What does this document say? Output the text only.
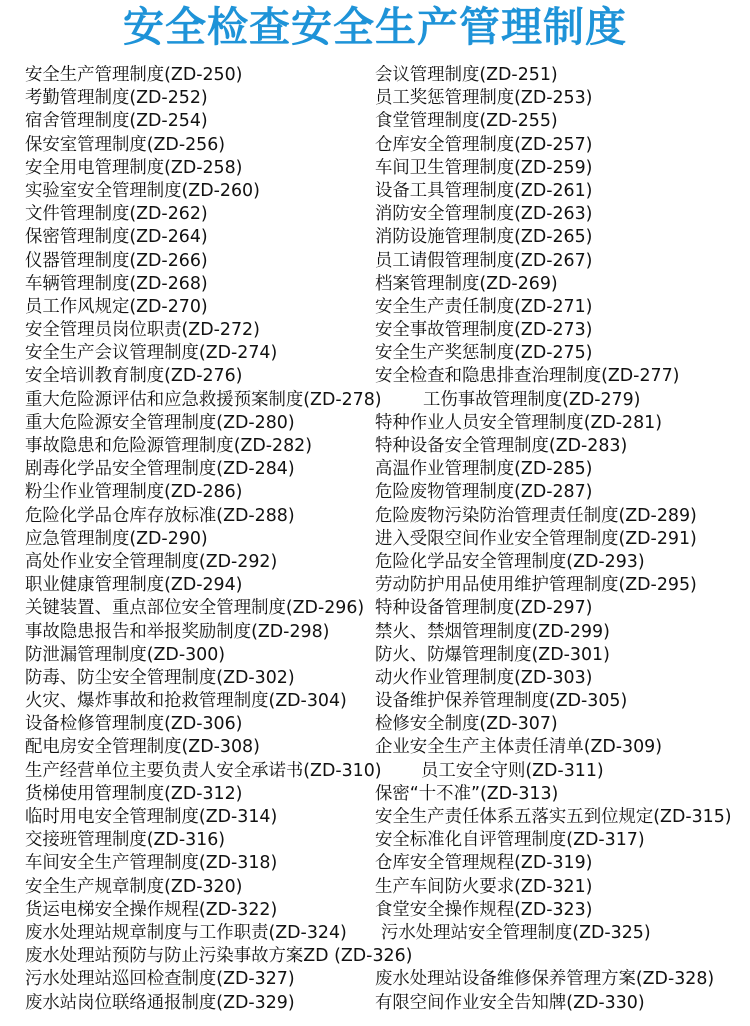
安全检查安全生产管理制度
安全生产管理制度(ZD-250)	会议管理制度(ZD-251)
考勤管理制度(ZD-252)	员工奖惩管理制度(ZD-253)
宿舍管理制度(ZD-254)	食堂管理制度(ZD-255)
保安室管理制度(ZD-256)	仓库安全管理制度(ZD-257)
安全用电管理制度(ZD-258)	车间卫生管理制度(ZD-259)
实验室安全管理制度(ZD-260)	设备工具管理制度(ZD-261)
文件管理制度(ZD-262)	消防安全管理制度(ZD-263)
保密管理制度(ZD-264)	消防设施管理制度(ZD-265)
仪器管理制度(ZD-266)	员工请假管理制度(ZD-267)
车辆管理制度(ZD-268)	档案管理制度(ZD-269)
员工作风规定(ZD-270)	安全生产责任制度(ZD-271)
安全管理员岗位职责(ZD-272)	安全事故管理制度(ZD-273)
安全生产会议管理制度(ZD-274)	安全生产奖惩制度(ZD-275)
安全培训教育制度(ZD-276)	安全检查和隐患排查治理制度(ZD-277)
重大危险源评估和应急救援预案制度(ZD-278) 工伤事故管理制度(ZD-279)
重大危险源安全管理制度(ZD-280)	特种作业人员安全管理制度(ZD-281)
事故隐患和危险源管理制度(ZD-282)	特种设备安全管理制度(ZD-283)
剧毒化学品安全管理制度(ZD-284)	高温作业管理制度(ZD-285)
粉尘作业管理制度(ZD-286)	危险废物管理制度(ZD-287)
危险化学品仓库存放标准(ZD-288)	危险废物污染防治管理责任制度(ZD-289)
应急管理制度(ZD-290)	进入受限空间作业安全管理制度(ZD-291)
高处作业安全管理制度(ZD-292)	危险化学品安全管理制度(ZD-293)
职业健康管理制度(ZD-294)	劳动防护用品使用维护管理制度(ZD-295)
关键装置、重点部位安全管理制度(ZD-296) 特种设备管理制度(ZD-297)
事故隐患报告和举报奖励制度(ZD-298)	禁火、禁烟管理制度(ZD-299)
防泄漏管理制度(ZD-300)	防火、防爆管理制度(ZD-301)
防毒、防尘安全管理制度(ZD-302)	动火作业管理制度(ZD-303)
火灾、爆炸事故和抢救管理制度(ZD-304) 设备维护保养管理制度(ZD-305)
设备检修管理制度(ZD-306)	检修安全制度(ZD-307)
配电房安全管理制度(ZD-308)	企业安全生产主体责任清单(ZD-309)
生产经营单位主要负责人安全承诺书(ZD-310) 员工安全守则(ZD-311)
货梯使用管理制度(ZD-312)	保密“十不准”(ZD-313)
临时用电安全管理制度(ZD-314)	安全生产责任体系五落实五到位规定(ZD-315)
交接班管理制度(ZD-316)	安全标准化自评管理制度(ZD-317)
车间安全生产管理制度(ZD-318)	仓库安全管理规程(ZD-319)
安全生产规章制度(ZD-320)	生产车间防火要求(ZD-321)
货运电梯安全操作规程(ZD-322)	食堂安全操作规程(ZD-323)
废水处理站规章制度与工作职责(ZD-324) 污水处理站安全管理制度(ZD-325)
废水处理站预防与防止污染事故方案ZD (ZD-326)
污水处理站巡回检查制度(ZD-327)	废水处理站设备维修保养管理方案(ZD-328)
废水站岗位联络通报制度(ZD-329)	有限空间作业安全告知牌(ZD-330)
